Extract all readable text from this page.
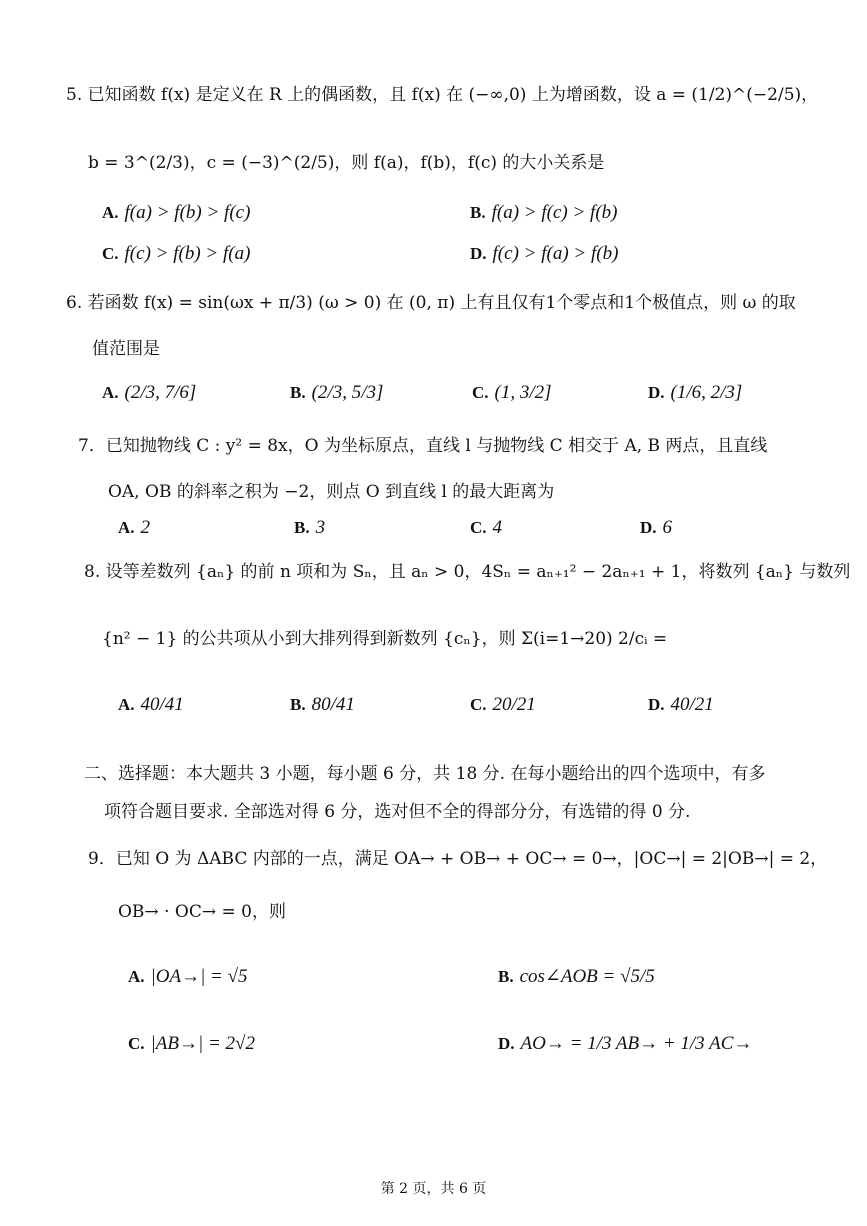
5. 已知函数 f(x) 是定义在 R 上的偶函数，且 f(x) 在 (−∞,0) 上为增函数，设 a = (1/2)^(−2/5)，
b = 3^(2/3)，c = (−3)^(2/5)，则 f(a)，f(b)，f(c) 的大小关系是
A. f(a) > f(b) > f(c)	B. f(a) > f(c) > f(b)
C. f(c) > f(b) > f(a)	D. f(c) > f(a) > f(b)
6. 若函数 f(x) = sin(ωx + π/3) (ω > 0) 在 (0, π) 上有且仅有1个零点和1个极值点，则 ω 的取
值范围是
A. (2/3, 7/6]	B. (2/3, 5/3]	C. (1, 3/2]	D. (1/6, 2/3]
7．已知抛物线 C : y² = 8x，O 为坐标原点，直线 l 与抛物线 C 相交于 A, B 两点，且直线
OA, OB 的斜率之积为 −2，则点 O 到直线 l 的最大距离为
A. 2	B. 3	C. 4	D. 6
8. 设等差数列 {aₙ} 的前 n 项和为 Sₙ，且 aₙ > 0，4Sₙ = aₙ₊₁² − 2aₙ₊₁ + 1，将数列 {aₙ} 与数列
{n² − 1} 的公共项从小到大排列得到新数列 {cₙ}，则 Σ(i=1→20) 2/cᵢ =
A. 40/41	B. 80/41	C. 20/21	D. 40/21
二、选择题：本大题共 3 小题，每小题 6 分，共 18 分. 在每小题给出的四个选项中，有多
项符合题目要求. 全部选对得 6 分，选对但不全的得部分分，有选错的得 0 分.
9．已知 O 为 ΔABC 内部的一点，满足 OA→ + OB→ + OC→ = 0→，|OC→| = 2|OB→| = 2，
OB→ · OC→ = 0，则
A. |OA→| = √5	B. cos∠AOB = √5/5
C. |AB→| = 2√2	D. AO→ = 1/3 AB→ + 1/3 AC→
第 2 页，共 6 页
